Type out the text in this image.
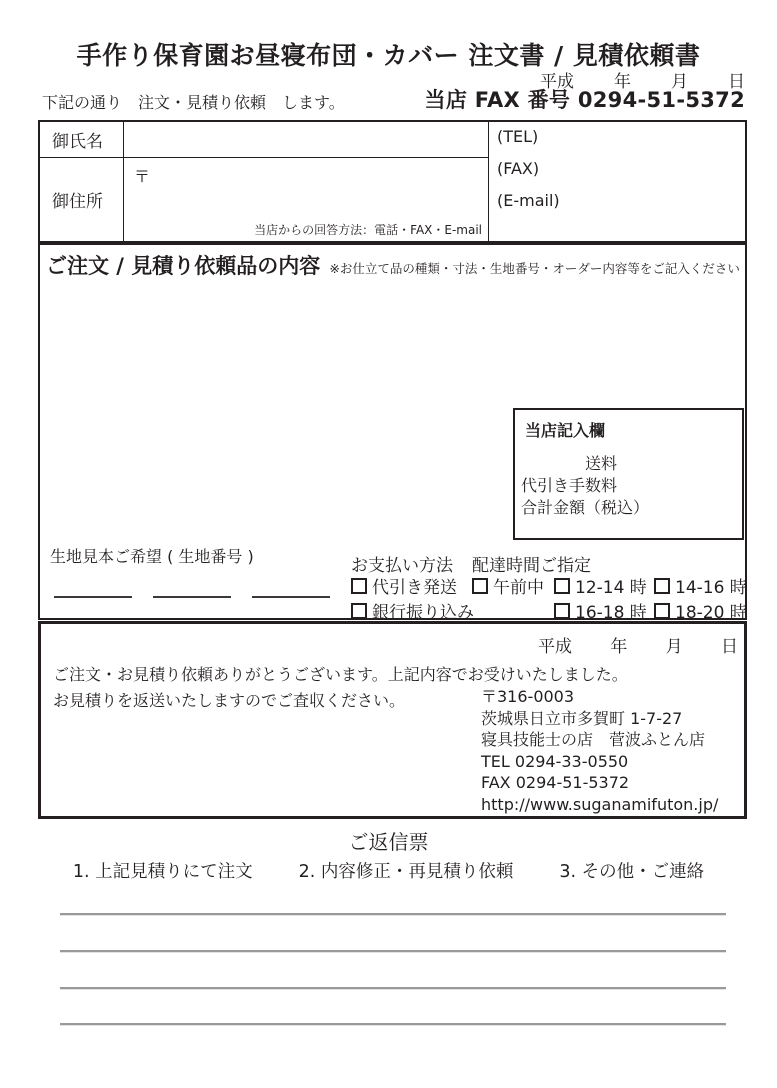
手作り保育園お昼寝布団・カバー 注文書 / 見積依頼書
平成 年 月 日
下記の通り　注文・見積り依頼　します。	当店 FAX 番号 0294-51-5372
御氏名
御住所
〒
当店からの回答方法：電話・FAX・E-mail
(TEL)
(FAX)
(E-mail)
ご注文 / 見積り依頼品の内容 ※お仕立て品の種類・寸法・生地番号・オーダー内容等をご記入ください
当店記入欄
送料
代引き手数料
合計金額（税込）
生地見本ご希望 ( 生地番号 )	お支払い方法 配達時間ご指定
代引き発送 午前中 12-14 時 14-16 時
銀行振り込み	16-18 時 18-20 時
平成 年 月 日
ご注文・お見積り依頼ありがとうございます。上記内容でお受けいたしました。
お見積りを返送いたしますのでご査収ください。	〒316-0003
茨城県日立市多賀町 1-7-27
寝具技能士の店　菅波ふとん店
TEL 0294-33-0550
FAX 0294-51-5372
http://www.suganamifuton.jp/
ご返信票
1. 上記見積りにて注文	2. 内容修正・再見積り依頼	3. その他・ご連絡
